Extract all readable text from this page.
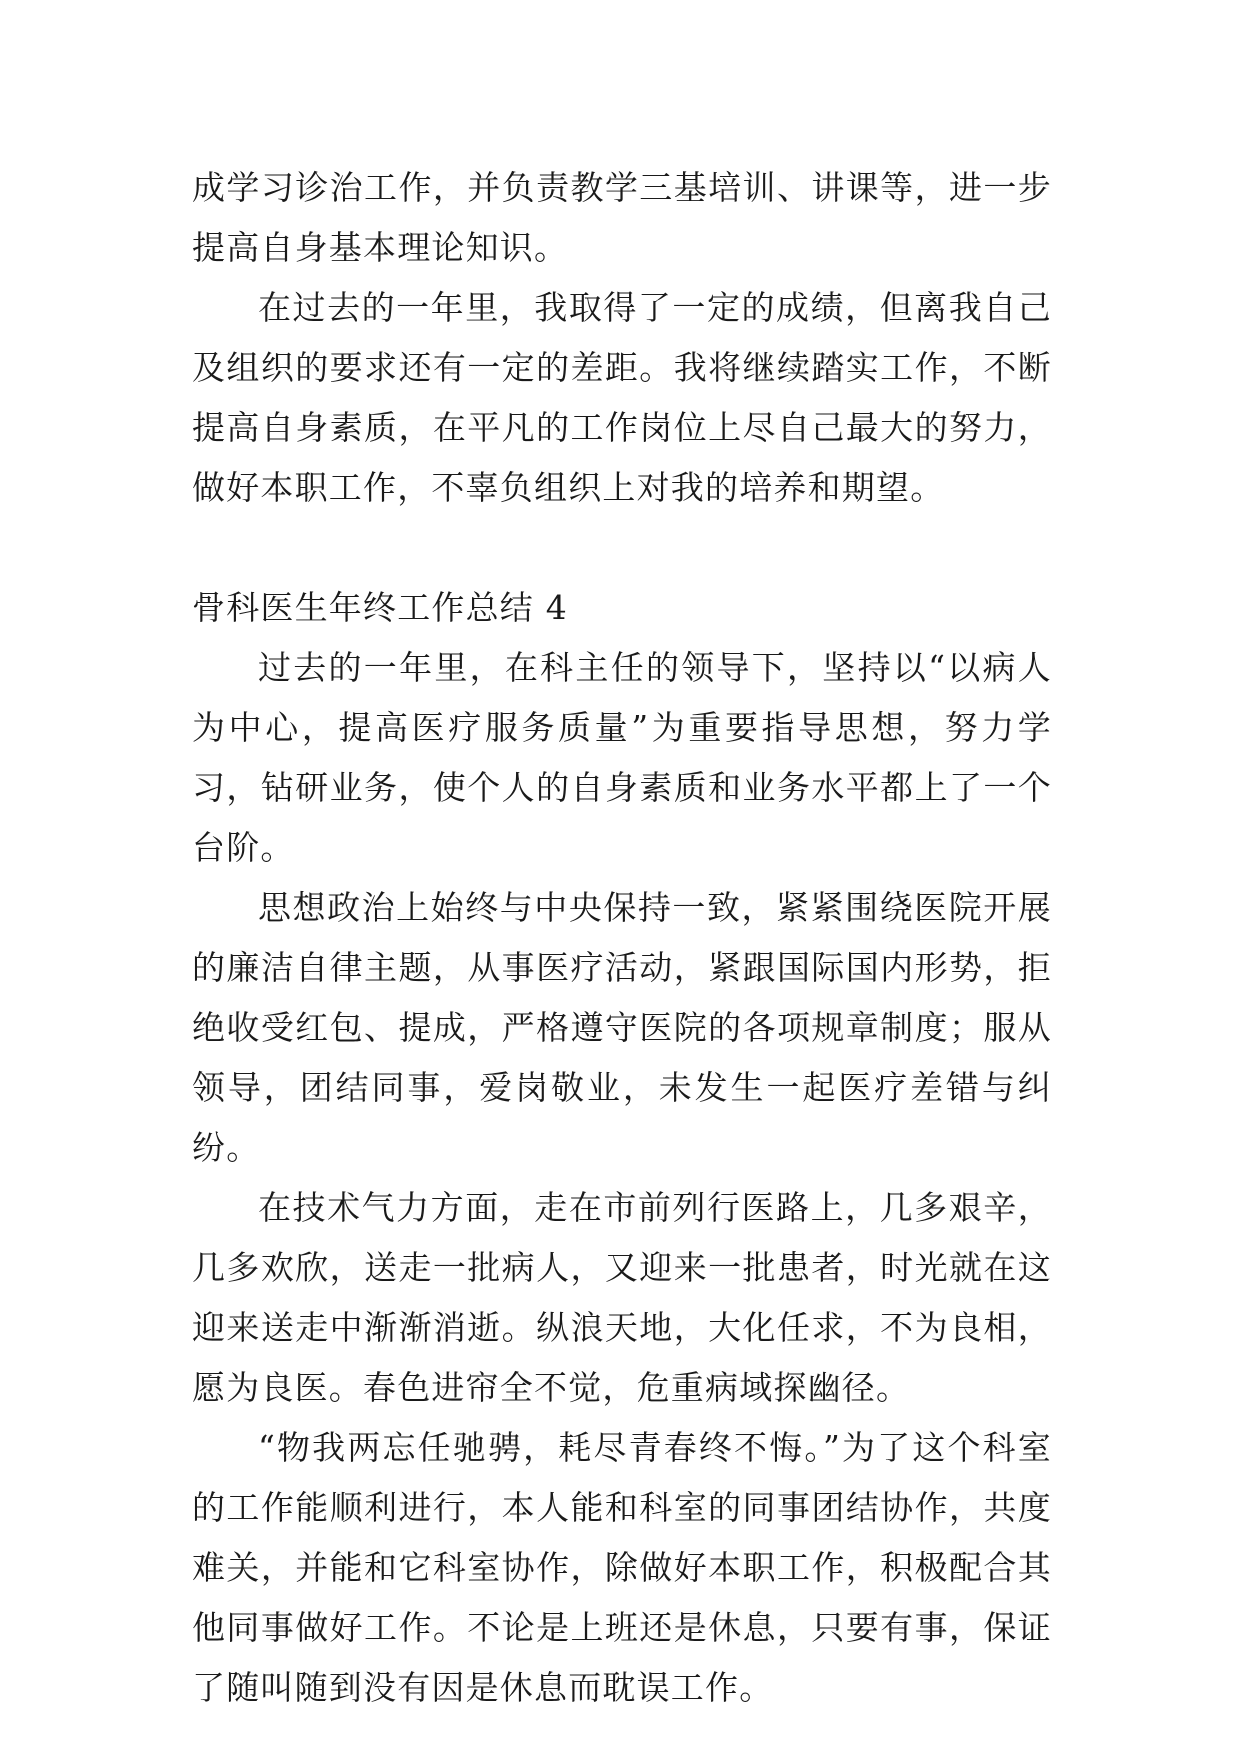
成学习诊治工作，并负责教学三基培训、讲课等，进一步提高自身基本理论知识。

在过去的一年里，我取得了一定的成绩，但离我自己及组织的要求还有一定的差距。我将继续踏实工作，不断提高自身素质，在平凡的工作岗位上尽自己最大的努力，做好本职工作，不辜负组织上对我的培养和期望。

骨科医生年终工作总结 4

过去的一年里，在科主任的领导下，坚持以“以病人为中心，提高医疗服务质量”为重要指导思想，努力学习，钻研业务，使个人的自身素质和业务水平都上了一个台阶。

思想政治上始终与中央保持一致，紧紧围绕医院开展的廉洁自律主题，从事医疗活动，紧跟国际国内形势，拒绝收受红包、提成，严格遵守医院的各项规章制度；服从领导，团结同事，爱岗敬业，未发生一起医疗差错与纠纷。

在技术气力方面，走在市前列行医路上，几多艰辛，几多欢欣，送走一批病人，又迎来一批患者，时光就在这迎来送走中渐渐消逝。纵浪天地，大化任求，不为良相，愿为良医。春色进帘全不觉，危重病域探幽径。

“物我两忘任驰骋，耗尽青春终不悔。”为了这个科室的工作能顺利进行，本人能和科室的同事团结协作，共度难关，并能和它科室协作，除做好本职工作，积极配合其他同事做好工作。不论是上班还是休息，只要有事，保证了随叫随到没有因是休息而耽误工作。
